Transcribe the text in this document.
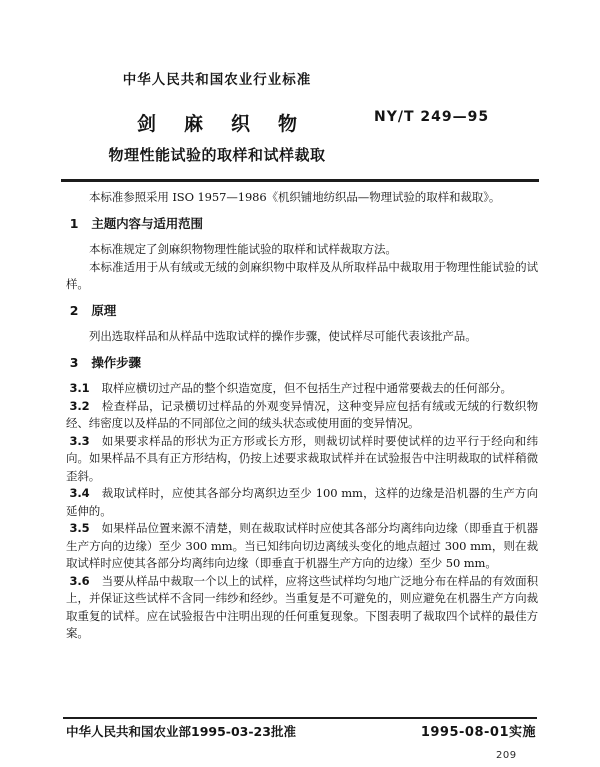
中华人民共和国农业行业标准
剑麻织物
物理性能试验的取样和试样裁取
NY/T 249—95

本标准参照采用 ISO 1957—1986《机织铺地纺织品—物理试验的取样和裁取》。

1 主题内容与适用范围

本标准规定了剑麻织物物理性能试验的取样和试样裁取方法。

本标准适用于从有绒或无绒的剑麻织物中取样及从所取样品中裁取用于物理性能试验的试样。

2 原理

列出选取样品和从样品中选取试样的操作步骤，使试样尽可能代表该批产品。

3 操作步骤

3.1 取样应横切过产品的整个织造宽度，但不包括生产过程中通常要裁去的任何部分。

3.2 检查样品，记录横切过样品的外观变异情况，这种变异应包括有绒或无绒的行数织物经、纬密度以及样品的不同部位之间的绒头状态或使用面的变异情况。

3.3 如果要求样品的形状为正方形或长方形，则裁切试样时要使试样的边平行于经向和纬向。如果样品不具有正方形结构，仍按上述要求裁取试样并在试验报告中注明裁取的试样稍微歪斜。

3.4 裁取试样时，应使其各部分均离织边至少 100 mm，这样的边缘是沿机器的生产方向延伸的。

3.5 如果样品位置来源不清楚，则在裁取试样时应使其各部分均离纬向边缘（即垂直于机器生产方向的边缘）至少 300 mm。当已知纬向切边离绒头变化的地点超过 300 mm，则在裁取试样时应使其各部分均离纬向边缘（即垂直于机器生产方向的边缘）至少 50 mm。

3.6 当要从样品中裁取一个以上的试样，应将这些试样均匀地广泛地分布在样品的有效面积上，并保证这些试样不含同一纬纱和经纱。当重复是不可避免的，则应避免在机器生产方向裁取重复的试样。应在试验报告中注明出现的任何重复现象。下图表明了裁取四个试样的最佳方案。

中华人民共和国农业部1995-03-23批准	1995-08-01实施
209
